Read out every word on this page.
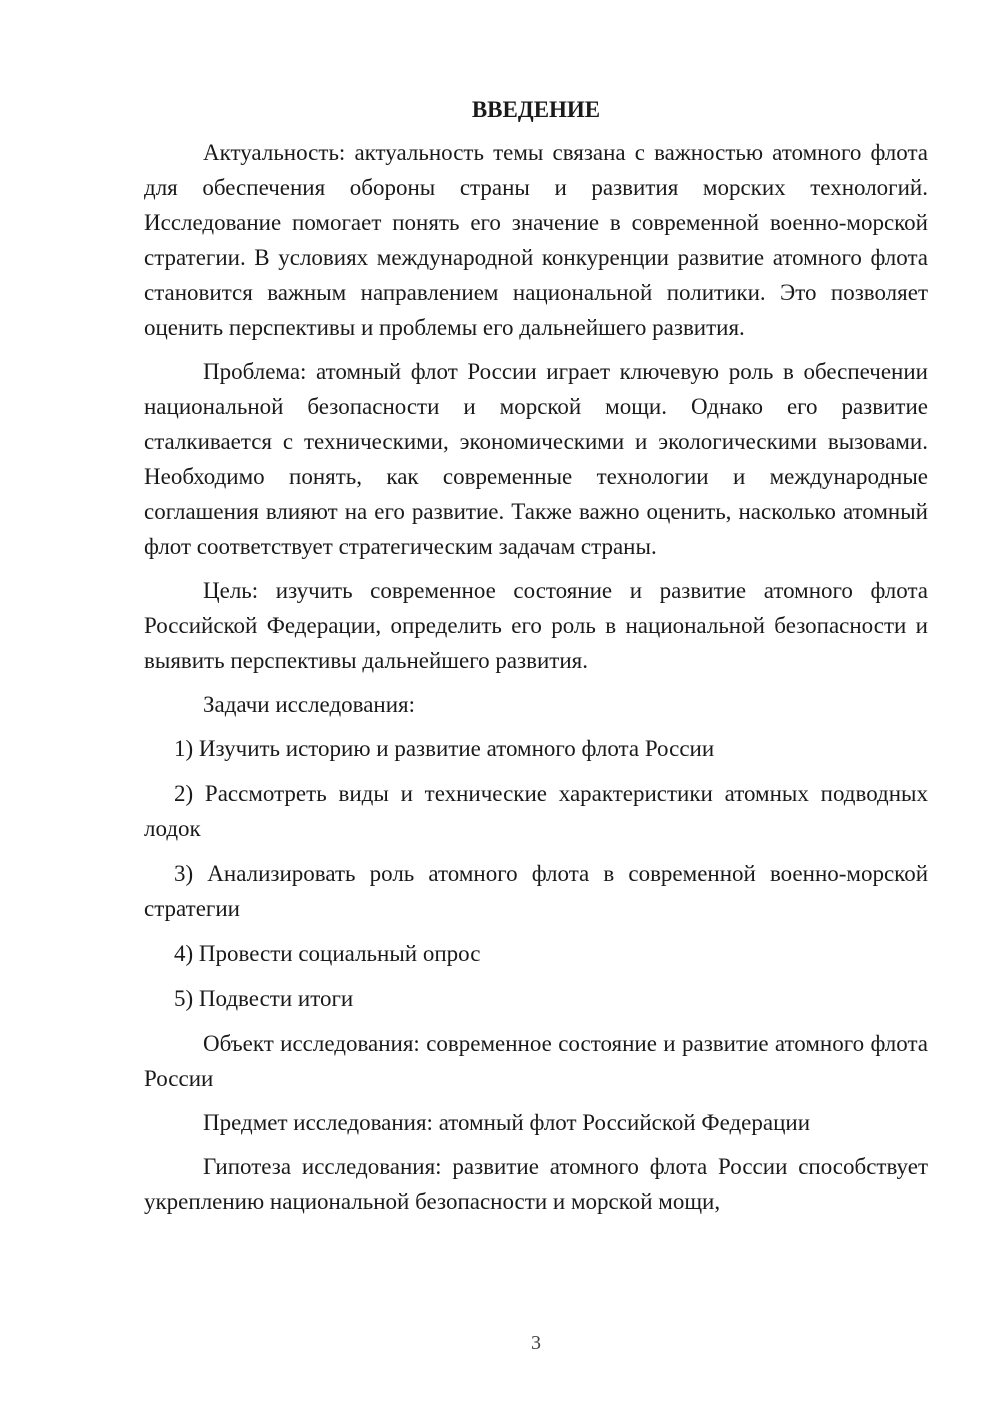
ВВЕДЕНИЕ

Актуальность: актуальность темы связана с важностью атомного флота для обеспечения обороны страны и развития морских технологий. Исследование помогает понять его значение в современной военно-морской стратегии. В условиях международной конкуренции развитие атомного флота становится важным направлением национальной политики. Это позволяет оценить перспективы и проблемы его дальнейшего развития.

Проблема: атомный флот России играет ключевую роль в обеспечении национальной безопасности и морской мощи. Однако его развитие сталкивается с техническими, экономическими и экологическими вызовами. Необходимо понять, как современные технологии и международные соглашения влияют на его развитие. Также важно оценить, насколько атомный флот соответствует стратегическим задачам страны.

Цель: изучить современное состояние и развитие атомного флота Российской Федерации, определить его роль в национальной безопасности и выявить перспективы дальнейшего развития.

Задачи исследования:

1) Изучить историю и развитие атомного флота России

2) Рассмотреть виды и технические характеристики атомных подводных лодок

3) Анализировать роль атомного флота в современной военно-морской стратегии

4) Провести социальный опрос

5) Подвести итоги

Объект исследования: современное состояние и развитие атомного флота России

Предмет исследования: атомный флот Российской Федерации

Гипотеза исследования: развитие атомного флота России способствует укреплению национальной безопасности и морской мощи,

3
